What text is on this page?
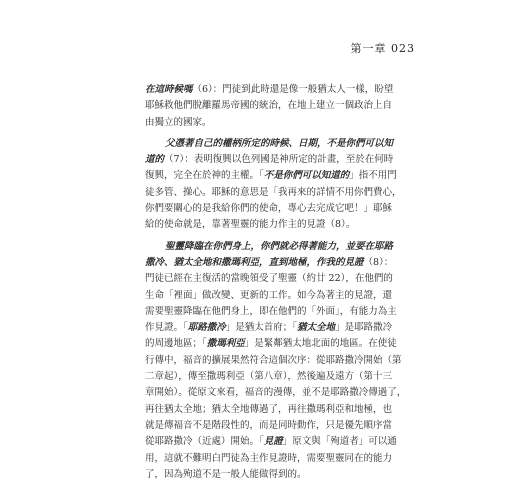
第一章 023
在這時候嗎（6）：門徒到此時還是像一般猶太人一樣，盼望
耶穌救他們脫離羅馬帝國的統治，在地上建立一個政治上自
由獨立的國家。
父憑著自己的權柄所定的時候、日期，不是你們可以知
道的（7）：表明復興以色列國是神所定的計畫，至於在何時
復興，完全在於神的主權。「不是你們可以知道的」指不用門
徒多管、操心。耶穌的意思是「我再來的詳情不用你們費心，
你們要關心的是我給你們的使命，專心去完成它吧！」耶穌
給的使命就是，靠著聖靈的能力作主的見證（8）。
聖靈降臨在你們身上，你們就必得著能力，並要在耶路
撒冷、猶太全地和撒瑪利亞，直到地極，作我的見證（8）：
門徒已經在主復活的當晚領受了聖靈（約廿 22），在他們的
生命「裡面」做改變、更新的工作。如今為著主的見證，還
需要聖靈降臨在他們身上，即在他們的「外面」，有能力為主
作見證。「耶路撒冷」是猶太首府；「猶太全地」是耶路撒冷
的周邊地區；「撒瑪利亞」是緊鄰猶太地北面的地區。在使徒
行傳中，福音的擴展果然符合這個次序：從耶路撒冷開始（第
二章起），傳至撒瑪利亞（第八章），然後遍及遠方（第十三
章開始）。從原文來看，福音的漫傳，並不是耶路撒冷傳過了，
再往猶太全地；猶太全地傳過了，再往撒瑪利亞和地極，也
就是傳福音不是階段性的，而是同時動作，只是優先順序當
從耶路撒冷（近處）開始。「見證」原文與「殉道者」可以通
用，這就不難明白門徒為主作見證時，需要聖靈同在的能力
了，因為殉道不是一般人能做得到的。
